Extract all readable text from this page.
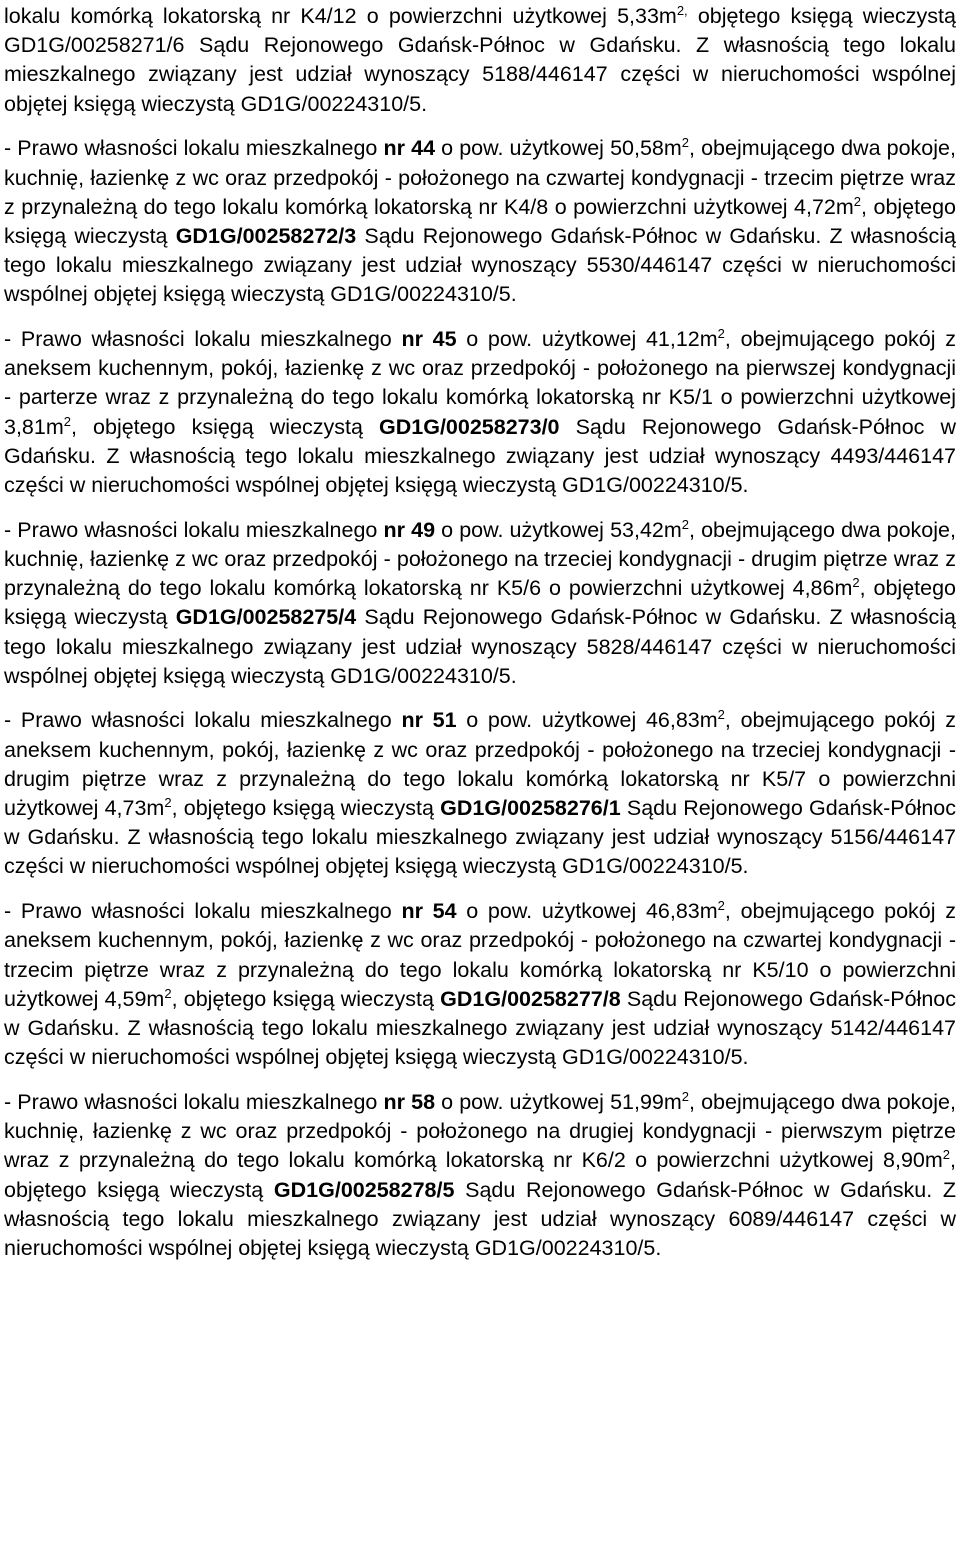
lokalu komórką lokatorską nr K4/12 o powierzchni użytkowej $5,33m^{2,}$ objętego księgą wieczystą GD1G/00258271/6 Sądu Rejonowego Gdańsk-Północ w Gdańsku. Z własnością tego lokalu mieszkalnego związany jest udział wynoszący 5188/446147 części w nieruchomości wspólnej objętej księgą wieczystą GD1G/00224310/5.

- Prawo własności lokalu mieszkalnego nr 44 o pow. użytkowej $50,58m^2$, obejmującego dwa pokoje, kuchnię, łazienkę z wc oraz przedpokój - położonego na czwartej kondygnacji - trzecim piętrze wraz z przynależną do tego lokalu komórką lokatorską nr K4/8 o powierzchni użytkowej $4,72m^2$, objętego księgą wieczystą GD1G/00258272/3 Sądu Rejonowego Gdańsk-Północ w Gdańsku. Z własnością tego lokalu mieszkalnego związany jest udział wynoszący 5530/446147 części w nieruchomości wspólnej objętej księgą wieczystą GD1G/00224310/5.

- Prawo własności lokalu mieszkalnego nr 45 o pow. użytkowej $41,12m^2$, obejmującego pokój z aneksem kuchennym, pokój, łazienkę z wc oraz przedpokój - położonego na pierwszej kondygnacji - parterze wraz z przynależną do tego lokalu komórką lokatorską nr K5/1 o powierzchni użytkowej $3,81m^2$, objętego księgą wieczystą GD1G/00258273/0 Sądu Rejonowego Gdańsk-Północ w Gdańsku. Z własnością tego lokalu mieszkalnego związany jest udział wynoszący 4493/446147 części w nieruchomości wspólnej objętej księgą wieczystą GD1G/00224310/5.

- Prawo własności lokalu mieszkalnego nr 49 o pow. użytkowej $53,42m^2$, obejmującego dwa pokoje, kuchnię, łazienkę z wc oraz przedpokój - położonego na trzeciej kondygnacji - drugim piętrze wraz z przynależną do tego lokalu komórką lokatorską nr K5/6 o powierzchni użytkowej $4,86m^2$, objętego księgą wieczystą GD1G/00258275/4 Sądu Rejonowego Gdańsk-Północ w Gdańsku. Z własnością tego lokalu mieszkalnego związany jest udział wynoszący 5828/446147 części w nieruchomości wspólnej objętej księgą wieczystą GD1G/00224310/5.

- Prawo własności lokalu mieszkalnego nr 51 o pow. użytkowej $46,83m^2$, obejmującego pokój z aneksem kuchennym, pokój, łazienkę z wc oraz przedpokój - położonego na trzeciej kondygnacji - drugim piętrze wraz z przynależną do tego lokalu komórką lokatorską nr K5/7 o powierzchni użytkowej $4,73m^2$, objętego księgą wieczystą GD1G/00258276/1 Sądu Rejonowego Gdańsk-Północ w Gdańsku. Z własnością tego lokalu mieszkalnego związany jest udział wynoszący 5156/446147 części w nieruchomości wspólnej objętej księgą wieczystą GD1G/00224310/5.

- Prawo własności lokalu mieszkalnego nr 54 o pow. użytkowej $46,83m^2$, obejmującego pokój z aneksem kuchennym, pokój, łazienkę z wc oraz przedpokój - położonego na czwartej kondygnacji - trzecim piętrze wraz z przynależną do tego lokalu komórką lokatorską nr K5/10 o powierzchni użytkowej $4,59m^2$, objętego księgą wieczystą GD1G/00258277/8 Sądu Rejonowego Gdańsk-Północ w Gdańsku. Z własnością tego lokalu mieszkalnego związany jest udział wynoszący 5142/446147 części w nieruchomości wspólnej objętej księgą wieczystą GD1G/00224310/5.

- Prawo własności lokalu mieszkalnego nr 58 o pow. użytkowej $51,99m^2$, obejmującego dwa pokoje, kuchnię, łazienkę z wc oraz przedpokój - położonego na drugiej kondygnacji - pierwszym piętrze wraz z przynależną do tego lokalu komórką lokatorską nr K6/2 o powierzchni użytkowej $8,90m^2$, objętego księgą wieczystą GD1G/00258278/5 Sądu Rejonowego Gdańsk-Północ w Gdańsku. Z własnością tego lokalu mieszkalnego związany jest udział wynoszący 6089/446147 części w nieruchomości wspólnej objętej księgą wieczystą GD1G/00224310/5.
